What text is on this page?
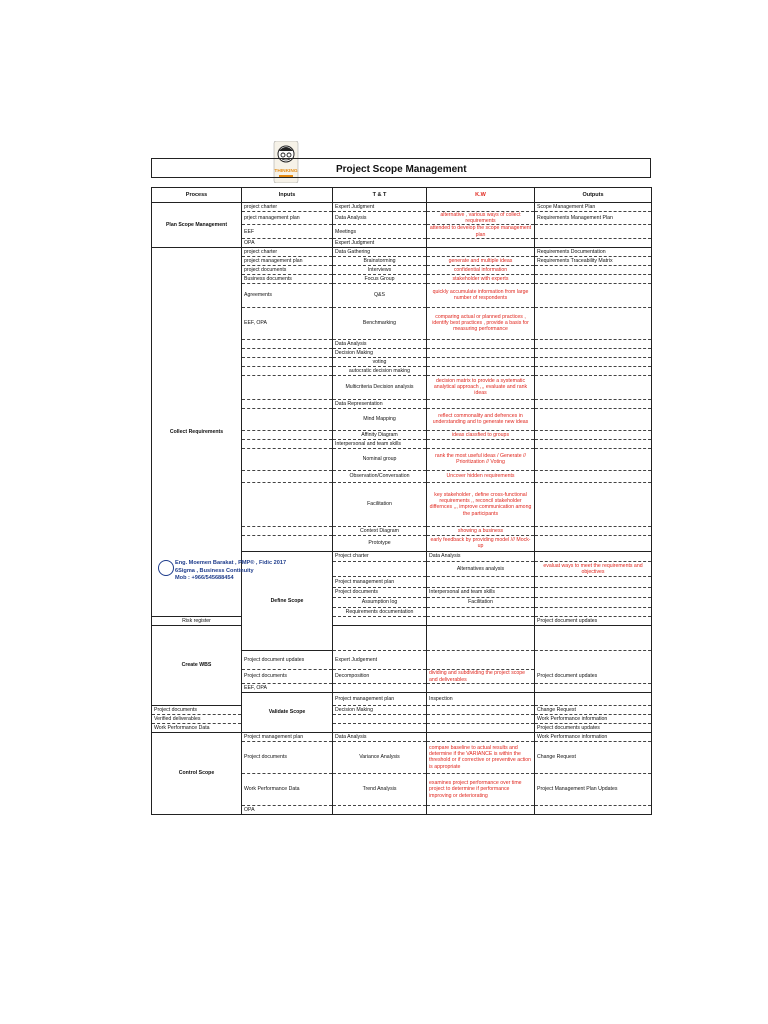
THINKING	Project Scope Management
Process	Inputs	T & T	K.W	Outputs	
Plan Scope Management	project charter	Expert Judgment		Scope Management Plan	
	prject management plan	Data Analysis	alternative , various ways of collect requirements	Requirements Management Plan	
	EEF	Meetings	attended to develop the scope management plan		
	OPA	Expert Judgment			
Collect Requirements	project charter	Data Gathering		Requirements Documentation	
	project management plan	Brainstorming	generate and multiple ideas	Requirements Traceability Matrix	
	project documents	Interviews	confidential information		
	Business documents	Focus Group	stakeholder with experts		
	Agreements	Q&S	quickly accumulate information from large number of respondents		
	EEF, OPA	Benchmarking	comparing actual or planned practices , identify best practices , provide a basis for measuring performance		
		Data Analysis			
		Decision Making			
		voting			
		autocratic decision making			
		Multicriteria Decision analysis	decision matrix to provide a systematic analytical approach ,,, evaluate and rank ideas		
		Data Representation			
		Mind Mapping	reflect commonality and defrences in understanding and to generate new ideas		
		Affinity Diagram	ideas classfied to groups		
		Interpersonal and team skills			
		Nominal group	rank the most useful ideas / Generate // Prioritization // Voting		
		Observation/Conversation	Uncover hidden requirements		
		Facilitation	key stakeholder , define cross-functional requirements ,, reconcil stakeholder differnces ,,, improve communication among the participants		
		Context Diagram	showing a business		
		Prototype	early feedback by providing model /// Mock-up		
	Define Scope	Project charter	Data Analysis		
			Alternatives analysis	evaluat ways to meet the requirements and objectives	
		Project management plan			
		Project documents	Interpersonal and team skills		
		Assumption log	Facilitation		
		Requirements documentation			
Risk register				Project document updates	
Create WBS				
	Project document updates	Expert Judgement			
	Project documents	Decomposition	dividing and subdividing the project scope and deliverables	Project document updates	
	EEF, OPA				
	Validate Scope	Project management plan	Inspection		
Project documents		Decision Making		Change Request	
Verified deliverables				Work Performance information	
Work Performance Data				Project documents updates	
Control Scope	Project management plan	Data Analysis		Work Performance information	
	Project documents	Variance Analysis	compare baseline to actual results and determine if the VARIANCE is within the threshold or if corrective or preventive action is appropriate	Change Request	
	Work Performance Data	Trend Analysis	examines project performance over time project to determine if performance improving or deteriorating	Project Management Plan Updates	
	OPA				
Eng. Moemen Barakat , PMP® , Fidic 2017
6Sigma , Business Continuity
Mob : +966/545688454
